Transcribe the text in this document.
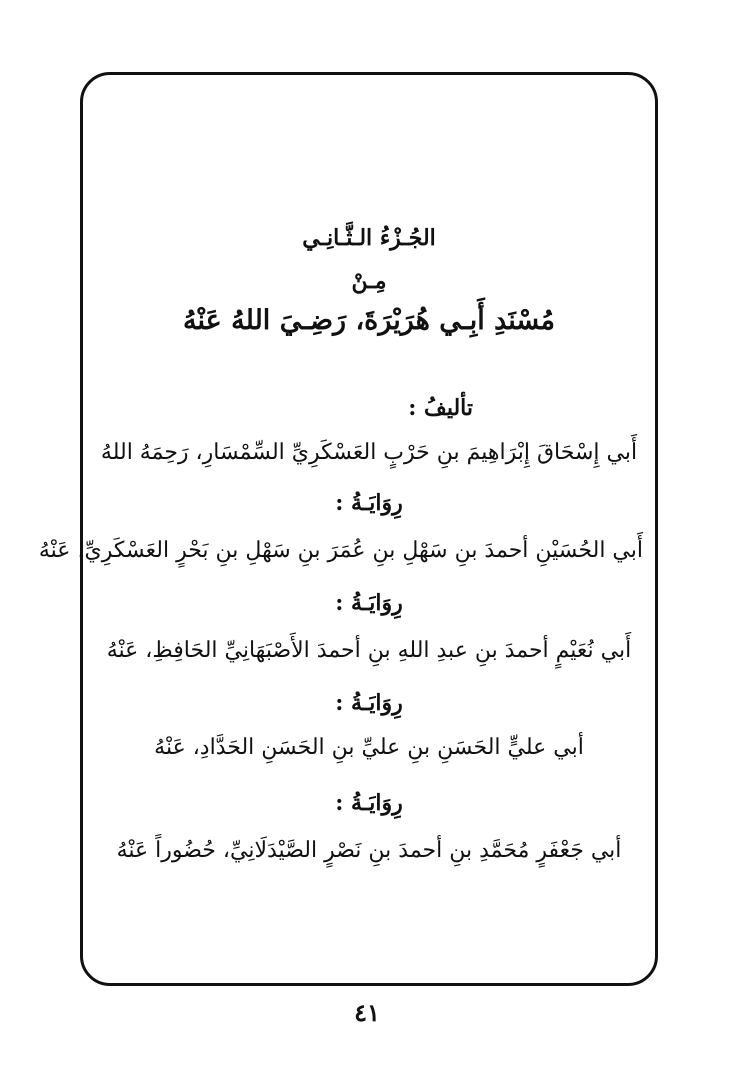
الجُـزْءُ الـثَّـانِـي
مِـنْ
مُسْنَدِ أَبِـي هُرَيْرَةَ، رَضِـيَ اللهُ عَنْهُ
تأليفُ :
أَبي إِسْحَاقَ إِبْرَاهِيمَ بنِ حَرْبٍ العَسْكَرِيِّ السِّمْسَارِ، رَحِمَهُ اللهُ
رِوَايَـةُ :
أَبي الحُسَيْنِ أحمدَ بنِ سَهْلِ بنِ عُمَرَ بنِ سَهْلِ بنِ بَحْرٍ العَسْكَرِيِّ، عَنْهُ
رِوَايَـةُ :
أَبي نُعَيْمٍ أحمدَ بنِ عبدِ اللهِ بنِ أحمدَ الأَصْبَهَانِيِّ الحَافِظِ، عَنْهُ
رِوَايَـةُ :
أبي عليٍّ الحَسَنِ بنِ عليِّ بنِ الحَسَنِ الحَدَّادِ، عَنْهُ
رِوَايَـةُ :
أبي جَعْفَرٍ مُحَمَّدِ بنِ أحمدَ بنِ نَصْرٍ الصَّيْدَلَانِيِّ، حُضُوراً عَنْهُ
٤١
